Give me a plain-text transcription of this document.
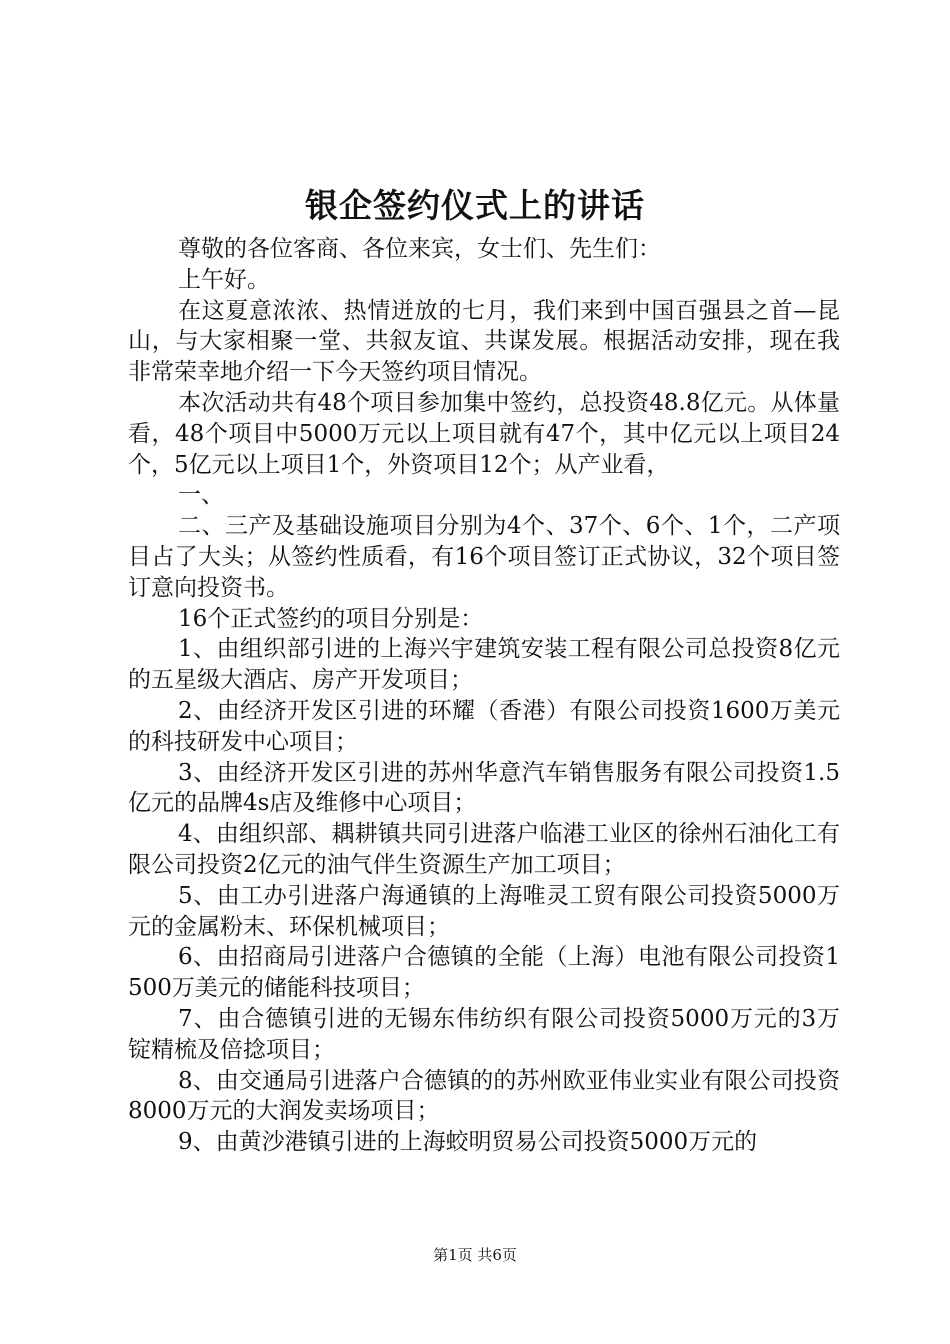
银企签约仪式上的讲话

尊敬的各位客商、各位来宾，女士们、先生们：

上午好。

在这夏意浓浓、热情迸放的七月，我们来到中国百强县之首—昆山，与大家相聚一堂、共叙友谊、共谋发展。根据活动安排，现在我非常荣幸地介绍一下今天签约项目情况。

本次活动共有48个项目参加集中签约，总投资48.8亿元。从体量看，48个项目中5000万元以上项目就有47个，其中亿元以上项目24个，5亿元以上项目1个，外资项目12个；从产业看，

一、

二、三产及基础设施项目分别为4个、37个、6个、1个，二产项目占了大头；从签约性质看，有16个项目签订正式协议，32个项目签订意向投资书。

16个正式签约的项目分别是：

1、由组织部引进的上海兴宇建筑安装工程有限公司总投资8亿元的五星级大酒店、房产开发项目；

2、由经济开发区引进的环耀（香港）有限公司投资1600万美元的科技研发中心项目；

3、由经济开发区引进的苏州华意汽车销售服务有限公司投资1.5亿元的品牌4s店及维修中心项目；

4、由组织部、耦耕镇共同引进落户临港工业区的徐州石油化工有限公司投资2亿元的油气伴生资源生产加工项目；

5、由工办引进落户海通镇的上海唯灵工贸有限公司投资5000万元的金属粉末、环保机械项目；

6、由招商局引进落户合德镇的全能（上海）电池有限公司投资1500万美元的储能科技项目；

7、由合德镇引进的无锡东伟纺织有限公司投资5000万元的3万锭精梳及倍捻项目；

8、由交通局引进落户合德镇的的苏州欧亚伟业实业有限公司投资8000万元的大润发卖场项目；

9、由黄沙港镇引进的上海蛟明贸易公司投资5000万元的

第1页 共6页
